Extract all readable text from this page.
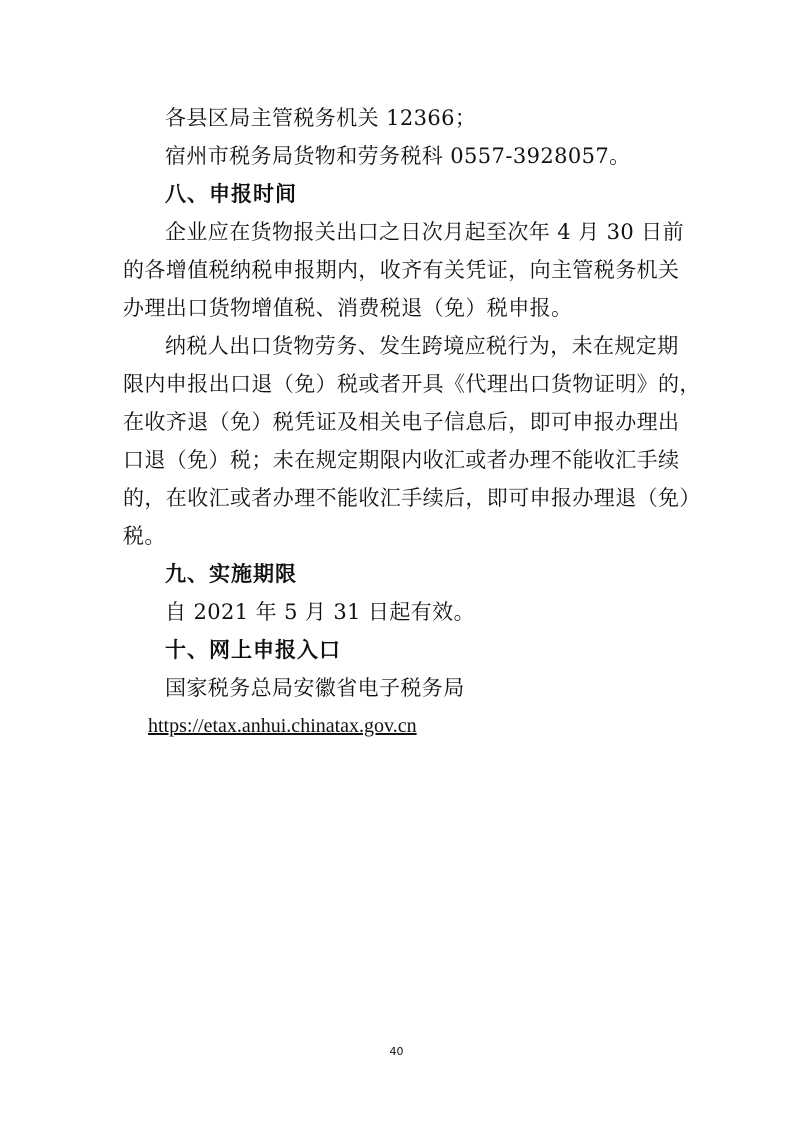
各县区局主管税务机关 12366；
宿州市税务局货物和劳务税科 0557-3928057。
八、申报时间
企业应在货物报关出口之日次月起至次年 4 月 30 日前
的各增值税纳税申报期内，收齐有关凭证，向主管税务机关
办理出口货物增值税、消费税退（免）税申报。
纳税人出口货物劳务、发生跨境应税行为，未在规定期
限内申报出口退（免）税或者开具《代理出口货物证明》的，
在收齐退（免）税凭证及相关电子信息后，即可申报办理出
口退（免）税；未在规定期限内收汇或者办理不能收汇手续
的，在收汇或者办理不能收汇手续后，即可申报办理退（免）
税。
九、实施期限
自 2021 年 5 月 31 日起有效。
十、网上申报入口
国家税务总局安徽省电子税务局
https://etax.anhui.chinatax.gov.cn
40
